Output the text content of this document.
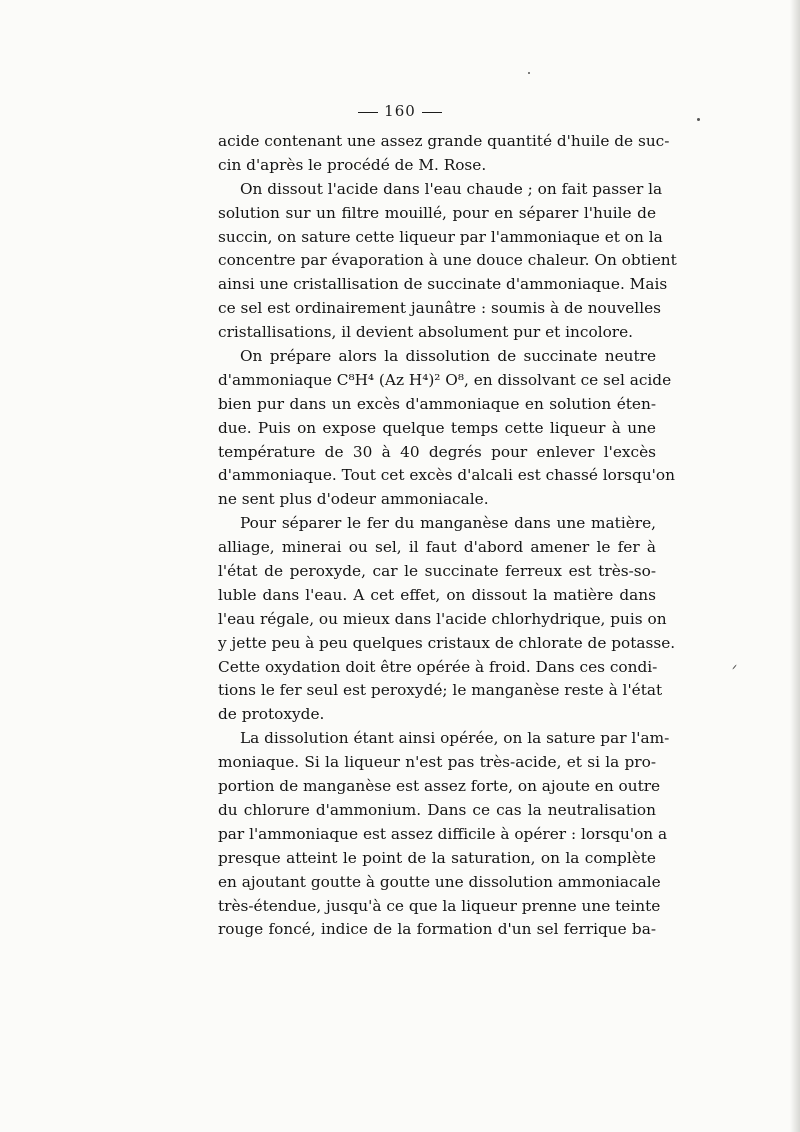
160
acide contenant une assez grande quantité d'huile de suc-
cin d'après le procédé de M. Rose.
On dissout l'acide dans l'eau chaude ; on fait passer la
solution sur un filtre mouillé, pour en séparer l'huile de
succin, on sature cette liqueur par l'ammoniaque et on la
concentre par évaporation à une douce chaleur. On obtient
ainsi une cristallisation de succinate d'ammoniaque. Mais
ce sel est ordinairement jaunâtre : soumis à de nouvelles
cristallisations, il devient absolument pur et incolore.
On prépare alors la dissolution de succinate neutre
d'ammoniaque C⁸H⁴ (Az H⁴)² O⁸, en dissolvant ce sel acide
bien pur dans un excès d'ammoniaque en solution éten-
due. Puis on expose quelque temps cette liqueur à une
température de 30 à 40 degrés pour enlever l'excès
d'ammoniaque. Tout cet excès d'alcali est chassé lorsqu'on
ne sent plus d'odeur ammoniacale.
Pour séparer le fer du manganèse dans une matière,
alliage, minerai ou sel, il faut d'abord amener le fer à
l'état de peroxyde, car le succinate ferreux est très-so-
luble dans l'eau. A cet effet, on dissout la matière dans
l'eau régale, ou mieux dans l'acide chlorhydrique, puis on
y jette peu à peu quelques cristaux de chlorate de potasse.
Cette oxydation doit être opérée à froid. Dans ces condi-
tions le fer seul est peroxydé; le manganèse reste à l'état
de protoxyde.
La dissolution étant ainsi opérée, on la sature par l'am-
moniaque. Si la liqueur n'est pas très-acide, et si la pro-
portion de manganèse est assez forte, on ajoute en outre
du chlorure d'ammonium. Dans ce cas la neutralisation
par l'ammoniaque est assez difficile à opérer : lorsqu'on a
presque atteint le point de la saturation, on la complète
en ajoutant goutte à goutte une dissolution ammoniacale
très-étendue, jusqu'à ce que la liqueur prenne une teinte
rouge foncé, indice de la formation d'un sel ferrique ba-
